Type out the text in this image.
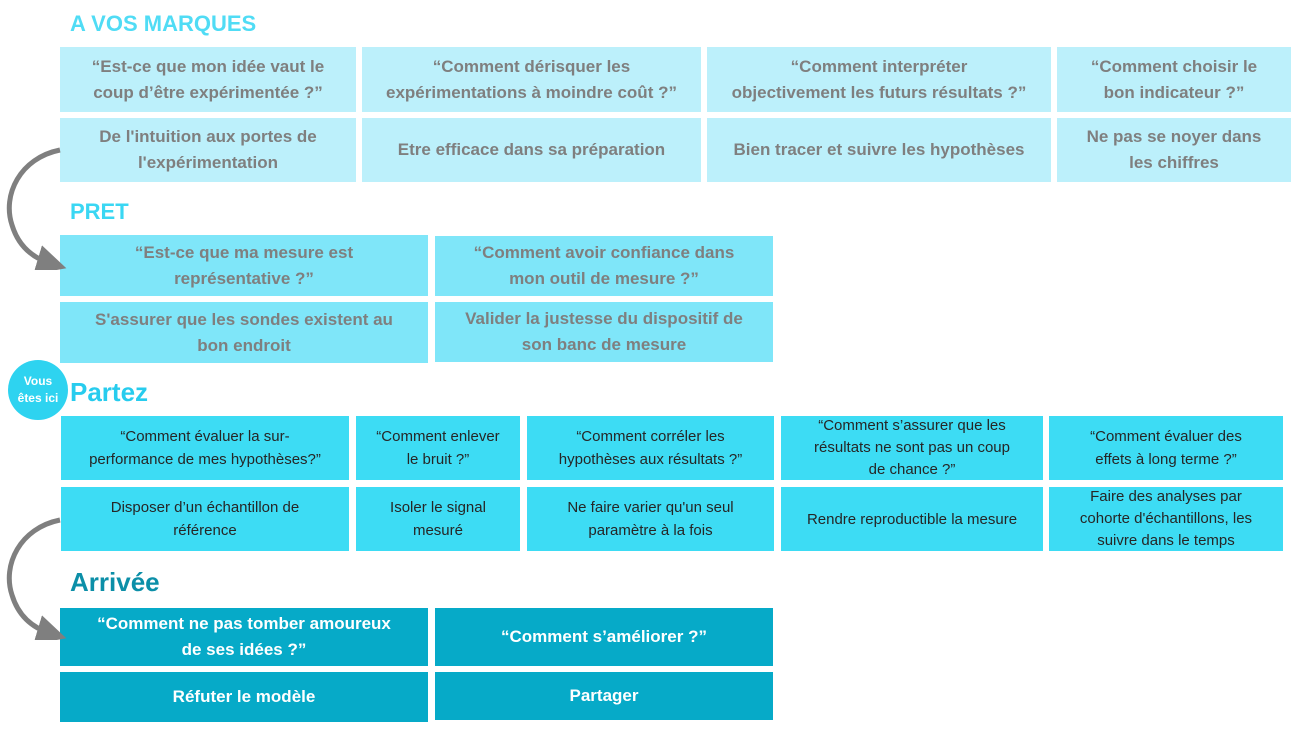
A VOS MARQUES
“Est-ce que mon idée vaut le
coup d’être expérimentée ?”
“Comment dérisquer les
expérimentations à moindre coût ?”
“Comment interpréter
objectivement les futurs résultats ?”
“Comment choisir le
bon indicateur ?”
De l'intuition aux portes de
l'expérimentation
Etre efficace dans sa préparation	Bien tracer et suivre les hypothèses
Ne pas se noyer dans
les chiffres
PRET
“Est-ce que ma mesure est
représentative ?”
“Comment avoir confiance dans
mon outil de mesure ?”
S'assurer que les sondes existent au
bon endroit
Valider la justesse du dispositif de
son banc de mesure
Vous
êtes ici Partez
“Comment évaluer la sur-
performance de mes hypothèses?”
“Comment enlever
le bruit ?”
“Comment corréler les
hypothèses aux résultats ?”
“Comment s’assurer que les
résultats ne sont pas un coup
de chance ?”
“Comment évaluer des
effets à long terme ?”
Disposer d’un échantillon de
référence
Isoler le signal
mesuré
Ne faire varier qu'un seul
paramètre à la fois
Rendre reproductible la mesure
Faire des analyses par
cohorte d'échantillons, les
suivre dans le temps
Arrivée
“Comment ne pas tomber amoureux
de ses idées ?”
“Comment s’améliorer ?”
Réfuter le modèle	Partager
